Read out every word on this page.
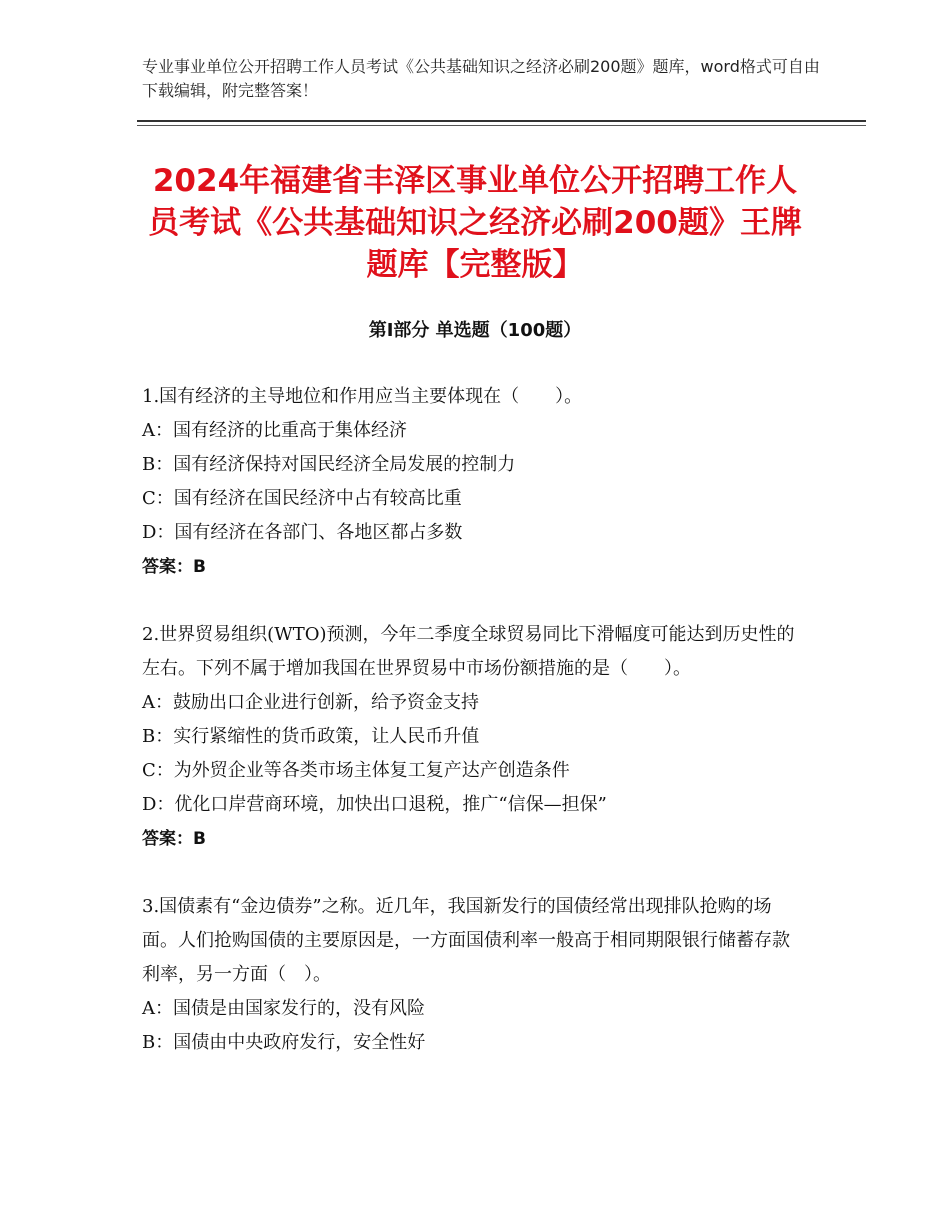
专业事业单位公开招聘工作人员考试《公共基础知识之经济必刷200题》题库，word格式可自由下载编辑，附完整答案！
2024年福建省丰泽区事业单位公开招聘工作人员考试《公共基础知识之经济必刷200题》王牌题库【完整版】
第Ⅰ部分 单选题（100题）
1.国有经济的主导地位和作用应当主要体现在（　　）。
A：国有经济的比重高于集体经济
B：国有经济保持对国民经济全局发展的控制力
C：国有经济在国民经济中占有较高比重
D：国有经济在各部门、各地区都占多数
答案：B
2.世界贸易组织(WTO)预测，今年二季度全球贸易同比下滑幅度可能达到历史性的左右。下列不属于增加我国在世界贸易中市场份额措施的是（　　）。
A：鼓励出口企业进行创新，给予资金支持
B：实行紧缩性的货币政策，让人民币升值
C：为外贸企业等各类市场主体复工复产达产创造条件
D：优化口岸营商环境，加快出口退税，推广“信保—担保”
答案：B
3.国债素有“金边债券”之称。近几年，我国新发行的国债经常出现排队抢购的场面。人们抢购国债的主要原因是，一方面国债利率一般高于相同期限银行储蓄存款利率，另一方面（　）。
A：国债是由国家发行的，没有风险
B：国债由中央政府发行，安全性好
